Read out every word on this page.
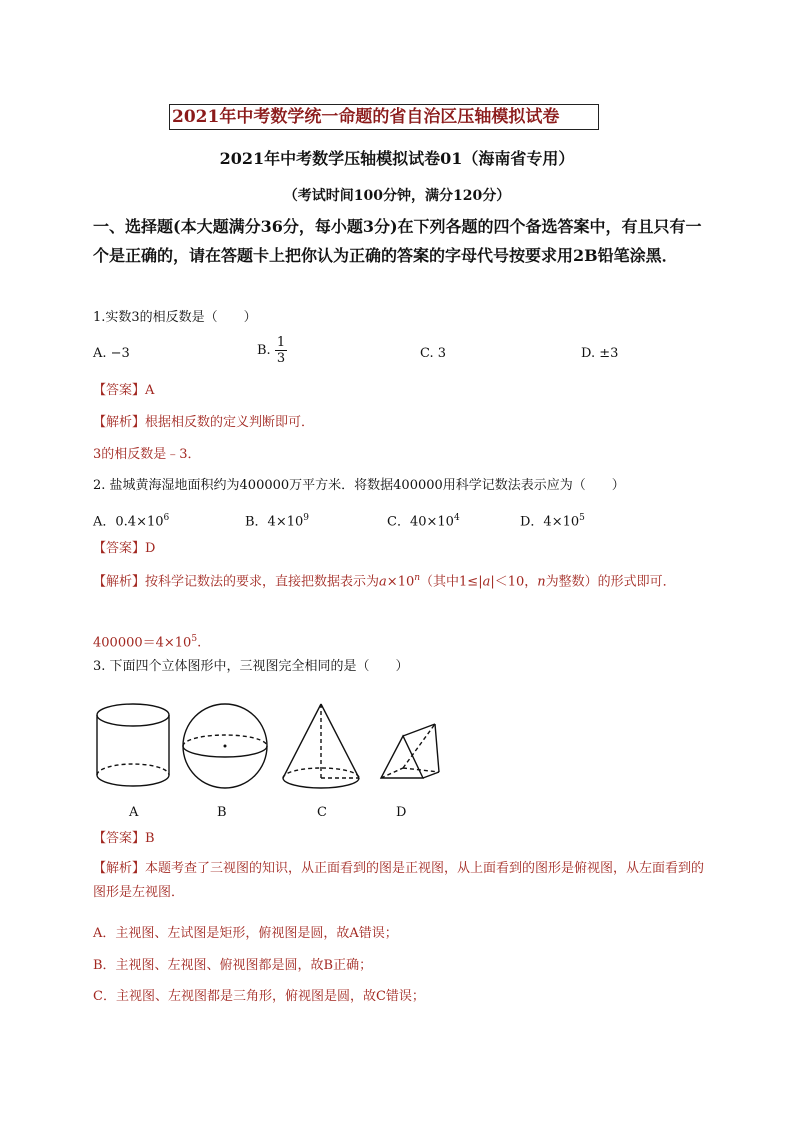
2021年中考数学统一命题的省自治区压轴模拟试卷
2021年中考数学压轴模拟试卷01（海南省专用）
（考试时间100分钟，满分120分）
一、选择题(本大题满分36分，每小题3分)在下列各题的四个备选答案中，有且只有一个是正确的，请在答题卡上把你认为正确的答案的字母代号按要求用2B铅笔涂黑．
1.实数3的相反数是（　　）
A. −3	B. $\frac{1}{3}$	C. 3	D. ±3
【答案】A
【解析】根据相反数的定义判断即可．
3的相反数是﹣3．
2. 盐城黄海湿地面积约为400000万平方米．将数据400000用科学记数法表示应为（　　）
A．$0.4\times 10^6$	B．$4\times 10^9$	C．$40\times 10^4$	D．$4\times 10^5$
【答案】D
【解析】按科学记数法的要求，直接把数据表示为$a\times 10^n$（其中1≤|a|＜10，n为整数）的形式即可．
$400000=4\times 10^5$.
3. 下面四个立体图形中，三视图完全相同的是（　　）
A	B	C	D
【答案】B
【解析】本题考查了三视图的知识，从正面看到的图是正视图，从上面看到的图形是俯视图，从左面看到的图形是左视图．
A．主视图、左试图是矩形，俯视图是圆，故A错误；
B．主视图、左视图、俯视图都是圆，故B正确；
C．主视图、左视图都是三角形，俯视图是圆，故C错误；
